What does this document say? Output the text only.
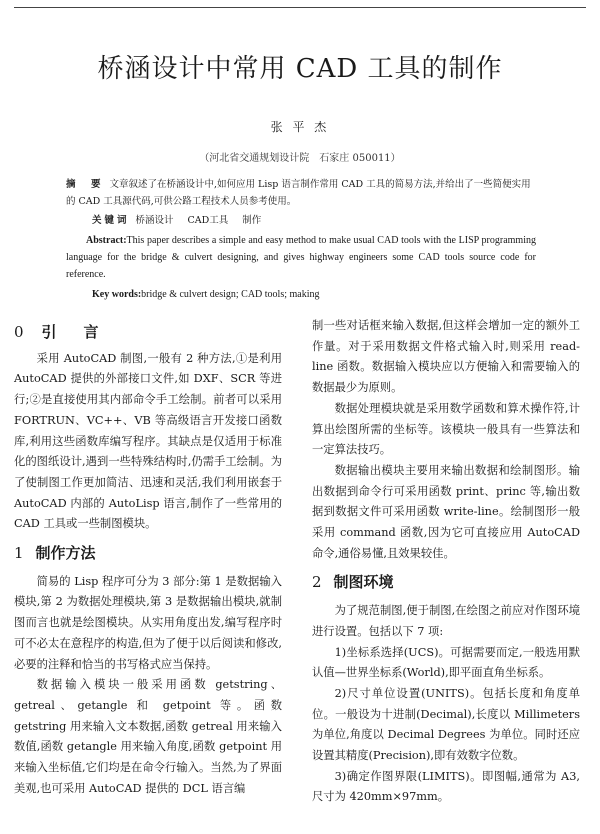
桥涵设计中常用 CAD 工具的制作
张 平 杰
（河北省交通规划设计院　石家庄 050011）

摘　要 文章叙述了在桥涵设计中,如何应用 Lisp 语言制作常用 CAD 工具的简易方法,并给出了一些简便实用的 CAD 工具源代码,可供公路工程技术人员参考使用。

关键词 桥涵设计 CAD工具 制作

  Abstract:This paper describes a simple and easy method to make usual CAD tools with the LISP programming language for the bridge & culvert designing, and gives highway engineers some CAD tools source code for reference.

Key words:bridge & culvert design; CAD tools; making

0 引　言

采用 AutoCAD 制图,一般有 2 种方法,①是利用 AutoCAD 提供的外部接口文件,如 DXF、SCR 等进行;②是直接使用其内部命令手工绘制。前者可以采用 FORTRUN、VC++、VB 等高级语言开发接口函数库,利用这些函数库编写程序。其缺点是仅适用于标准化的图纸设计,遇到一些特殊结构时,仍需手工绘制。为了使制图工作更加简洁、迅速和灵活,我们利用嵌套于 AutoCAD 内部的 AutoLisp 语言,制作了一些常用的 CAD 工具或一些制图模块。

1 制作方法

简易的 Lisp 程序可分为 3 部分:第 1 是数据输入模块,第 2 为数据处理模块,第 3 是数据输出模块,就制图而言也就是绘图模块。从实用角度出发,编写程序时可不必太在意程序的构造,但为了便于以后阅读和修改,必要的注释和恰当的书写格式应当保持。

数据输入模块一般采用函数 getstring、getreal、getangle 和 getpoint 等。函数 getstring 用来输入文本数据,函数 getreal 用来输入数值,函数 getangle 用来输入角度,函数 getpoint 用来输入坐标值,它们均是在命令行输入。当然,为了界面美观,也可采用 AutoCAD 提供的 DCL 语言编

制一些对话框来输入数据,但这样会增加一定的额外工作量。对于采用数据文件格式输入时,则采用 read-line 函数。数据输入模块应以方便输入和需要输入的数据最少为原则。

数据处理模块就是采用数学函数和算术操作符,计算出绘图所需的坐标等。该模块一般具有一些算法和一定算法技巧。

数据输出模块主要用来输出数据和绘制图形。输出数据到命令行可采用函数 print、princ 等,输出数据到数据文件可采用函数 write-line。绘制图形一般采用 command 函数,因为它可直接应用 AutoCAD 命令,通俗易懂,且效果较佳。

2 制图环境

为了规范制图,便于制图,在绘图之前应对作图环境进行设置。包括以下 7 项:

1)坐标系选择(UCS)。可据需要而定,一般选用默认值—世界坐标系(World),即平面直角坐标系。

2)尺寸单位设置(UNITS)。包括长度和角度单位。一般设为十进制(Decimal),长度以 Millimeters 为单位,角度以 Decimal Degrees 为单位。同时还应设置其精度(Precision),即有效数字位数。

3)确定作图界限(LIMITS)。即图幅,通常为 A3,尺寸为 420mm×97mm。
